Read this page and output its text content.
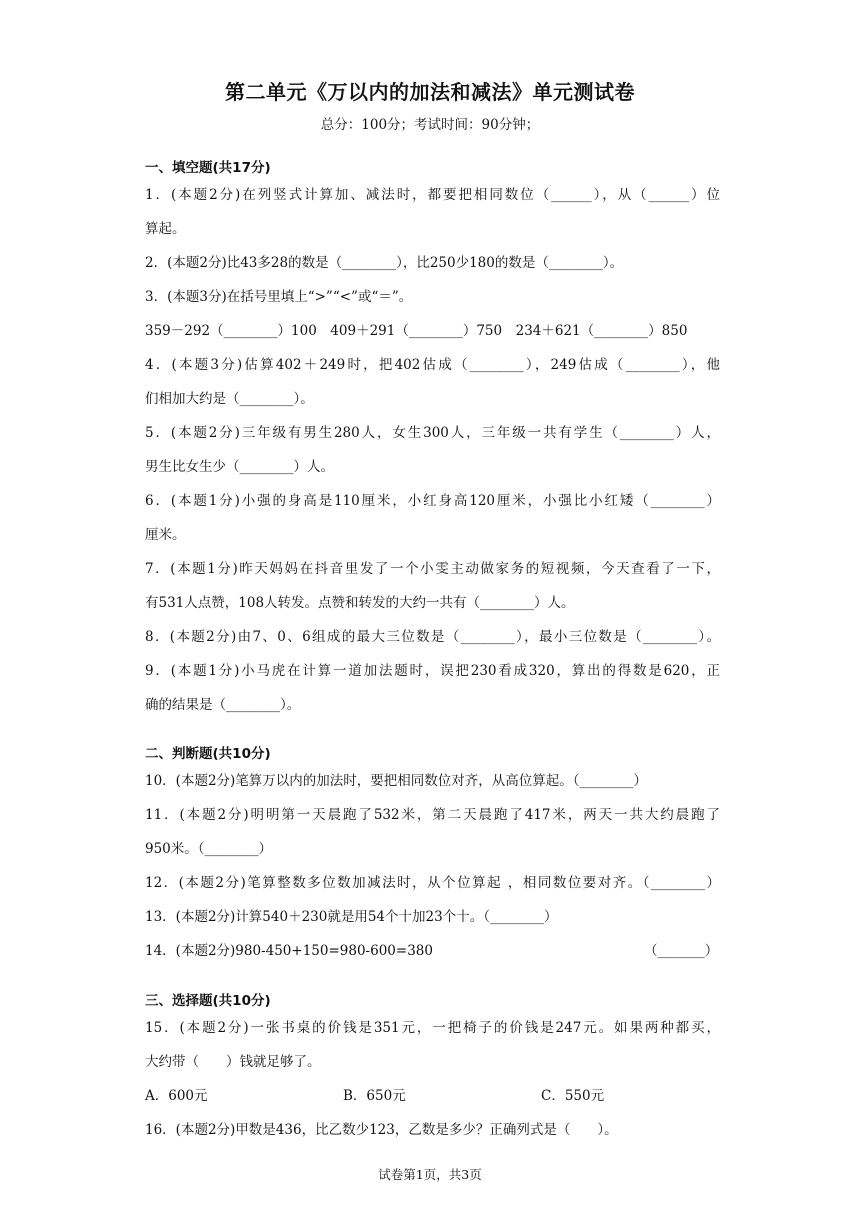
第二单元《万以内的加法和减法》单元测试卷
总分：100分；考试时间：90分钟；
一、填空题(共17分)
1．(本题2分)在列竖式计算加、减法时，都要把相同数位（______），从（______）位
算起。
2．(本题2分)比43多28的数是（________），比250少180的数是（________）。
3．(本题3分)在括号里填上“>”“<”或“＝”。
359－292（________）100　409＋291（________）750　234＋621（________）850
4．(本题3分)估算402＋249时，把402估成（________），249估成（________），他
们相加大约是（________）。
5．(本题2分)三年级有男生280人，女生300人，三年级一共有学生（________）人，
男生比女生少（________）人。
6．(本题1分)小强的身高是110厘米，小红身高120厘米，小强比小红矮（________）
厘米。
7．(本题1分)昨天妈妈在抖音里发了一个小雯主动做家务的短视频，今天查看了一下，
有531人点赞，108人转发。点赞和转发的大约一共有（________）人。
8．(本题2分)由7、0、6组成的最大三位数是（________），最小三位数是（________）。
9．(本题1分)小马虎在计算一道加法题时，误把230看成320，算出的得数是620，正
确的结果是（________）。
二、判断题(共10分)
10．(本题2分)笔算万以内的加法时，要把相同数位对齐，从高位算起。（________）
11．(本题2分)明明第一天晨跑了532米，第二天晨跑了417米，两天一共大约晨跑了
950米。（________）
12．(本题2分)笔算整数多位数加减法时，从个位算起 ，相同数位要对齐。（________）
13．(本题2分)计算540＋230就是用54个十加23个十。（________）
14．(本题2分)980-450+150=980-600=380	（_______）
三、选择题(共10分)
15．(本题2分)一张书桌的价钱是351元，一把椅子的价钱是247元。如果两种都买，
大约带（　　）钱就足够了。
A．600元	B．650元	C．550元
16．(本题2分)甲数是436，比乙数少123，乙数是多少？正确列式是（　　）。
试卷第1页，共3页
